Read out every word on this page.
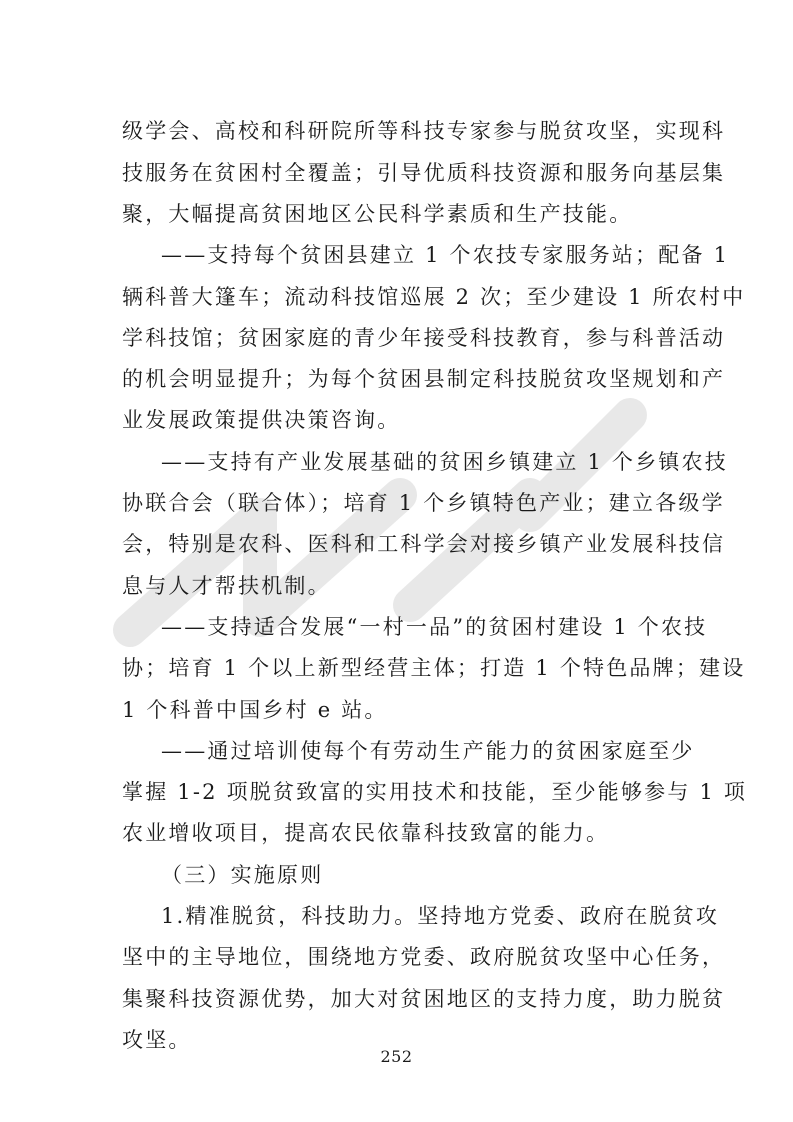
级学会、高校和科研院所等科技专家参与脱贫攻坚，实现科
技服务在贫困村全覆盖；引导优质科技资源和服务向基层集
聚，大幅提高贫困地区公民科学素质和生产技能。
——支持每个贫困县建立 1 个农技专家服务站；配备 1
辆科普大篷车；流动科技馆巡展 2 次；至少建设 1 所农村中
学科技馆；贫困家庭的青少年接受科技教育，参与科普活动
的机会明显提升；为每个贫困县制定科技脱贫攻坚规划和产
业发展政策提供决策咨询。
——支持有产业发展基础的贫困乡镇建立 1 个乡镇农技
协联合会（联合体）；培育 1 个乡镇特色产业；建立各级学
会，特别是农科、医科和工科学会对接乡镇产业发展科技信
息与人才帮扶机制。
——支持适合发展“一村一品”的贫困村建设 1 个农技
协；培育 1 个以上新型经营主体；打造 1 个特色品牌；建设
1 个科普中国乡村 e 站。
——通过培训使每个有劳动生产能力的贫困家庭至少
掌握 1-2 项脱贫致富的实用技术和技能，至少能够参与 1 项
农业增收项目，提高农民依靠科技致富的能力。
（三）实施原则
1.精准脱贫，科技助力。坚持地方党委、政府在脱贫攻
坚中的主导地位，围绕地方党委、政府脱贫攻坚中心任务，
集聚科技资源优势，加大对贫困地区的支持力度，助力脱贫
攻坚。
252
